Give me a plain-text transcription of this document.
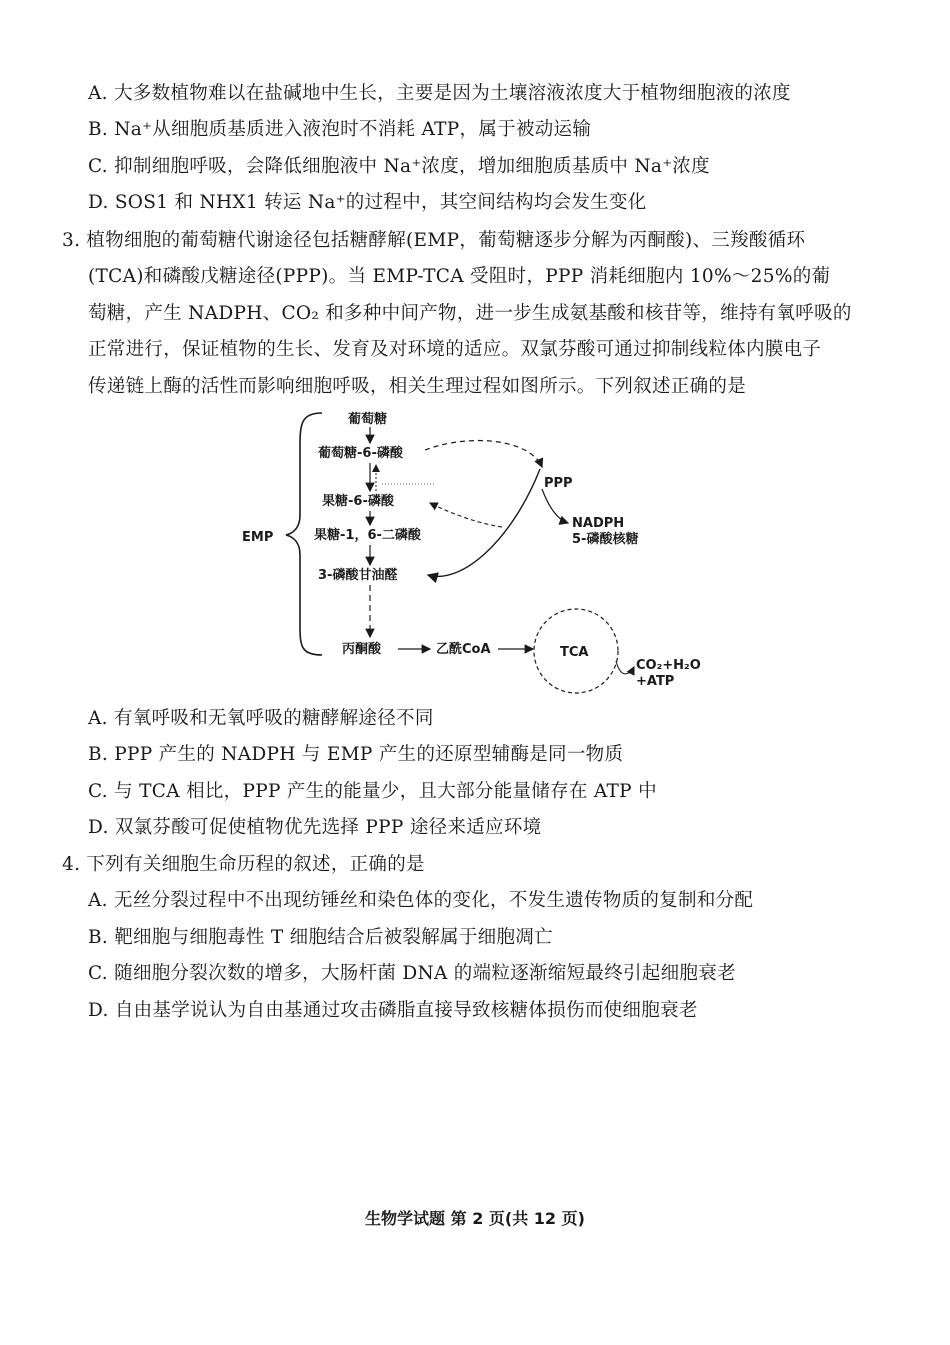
A. 大多数植物难以在盐碱地中生长，主要是因为土壤溶液浓度大于植物细胞液的浓度
B. Na⁺从细胞质基质进入液泡时不消耗 ATP，属于被动运输
C. 抑制细胞呼吸，会降低细胞液中 Na⁺浓度，增加细胞质基质中 Na⁺浓度
D. SOS1 和 NHX1 转运 Na⁺的过程中，其空间结构均会发生变化
3. 植物细胞的葡萄糖代谢途径包括糖酵解(EMP，葡萄糖逐步分解为丙酮酸)、三羧酸循环
(TCA)和磷酸戊糖途径(PPP)。当 EMP-TCA 受阻时，PPP 消耗细胞内 10%～25%的葡
萄糖，产生 NADPH、CO₂ 和多种中间产物，进一步生成氨基酸和核苷等，维持有氧呼吸的
正常进行，保证植物的生长、发育及对环境的适应。双氯芬酸可通过抑制线粒体内膜电子
传递链上酶的活性而影响细胞呼吸，相关生理过程如图所示。下列叙述正确的是
EMP
葡萄糖
葡萄糖-6-磷酸
果糖-6-磷酸
果糖-1，6-二磷酸
3-磷酸甘油醛
丙酮酸	乙酰CoA
PPP
NADPH
5-磷酸核糖
TCA
CO₂+H₂O
+ATP
A. 有氧呼吸和无氧呼吸的糖酵解途径不同
B. PPP 产生的 NADPH 与 EMP 产生的还原型辅酶是同一物质
C. 与 TCA 相比，PPP 产生的能量少，且大部分能量储存在 ATP 中
D. 双氯芬酸可促使植物优先选择 PPP 途径来适应环境
4. 下列有关细胞生命历程的叙述，正确的是
A. 无丝分裂过程中不出现纺锤丝和染色体的变化，不发生遗传物质的复制和分配
B. 靶细胞与细胞毒性 T 细胞结合后被裂解属于细胞凋亡
C. 随细胞分裂次数的增多，大肠杆菌 DNA 的端粒逐渐缩短最终引起细胞衰老
D. 自由基学说认为自由基通过攻击磷脂直接导致核糖体损伤而使细胞衰老
生物学试题 第 2 页(共 12 页)
